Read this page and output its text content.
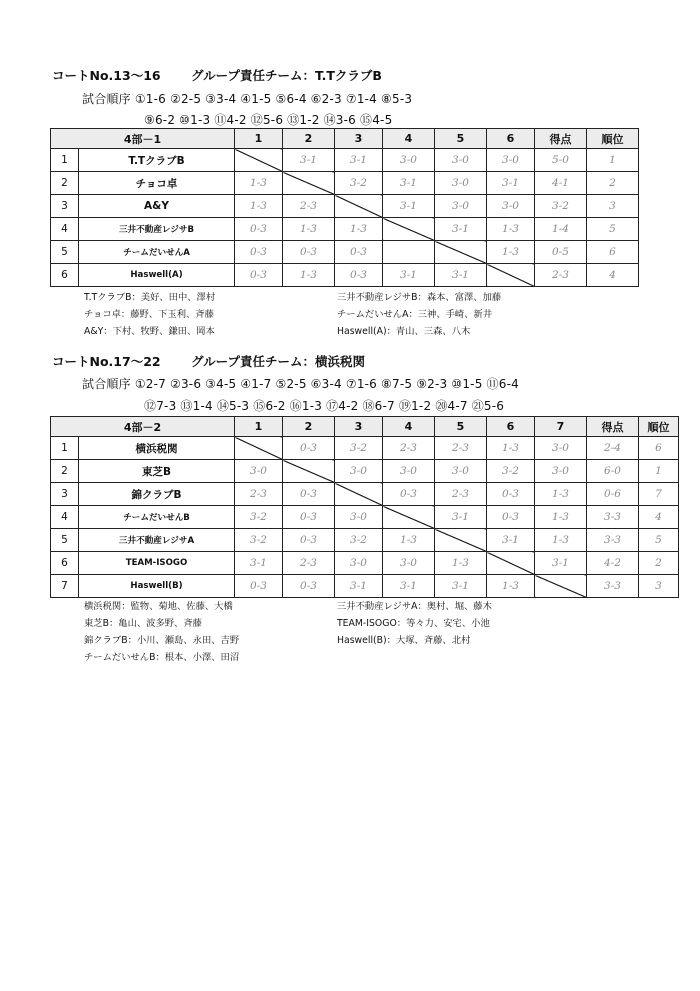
コートNo.13〜16 グループ責任チーム：T.TクラブB
試合順序 ①1-6 ②2-5 ③3-4 ④1-5 ⑤6-4 ⑥2-3 ⑦1-4 ⑧5-3
⑨6-2 ⑩1-3 ⑪4-2 ⑫5-6 ⑬1-2 ⑭3-6 ⑮4-5
4部－1		1	2	3	4	5	6	得点	順位
1	T.TクラブB		3-1	3-1	3-0	3-0	3-0	5-0	1
2	チョコ卓	1-3		3-2	3-1	3-0	3-1	4-1	2
3	A&Y	1-3	2-3		3-1	3-0	3-0	3-2	3
4	三井不動産レジサB	0-3	1-3	1-3		3-1	1-3	1-4	5
5	チームだいせんA	0-3	0-3	0-3			1-3	0-5	6
6	Haswell(A)	0-3	1-3	0-3	3-1	3-1		2-3	4
T.TクラブB：美好、田中、澤村
チョコ卓：藤野、下玉利、斉藤
A&Y：下村、牧野、鎌田、岡本
三井不動産レジサB：森本、富澤、加藤
チームだいせんA：三神、手崎、新井
Haswell(A)：青山、三森、八木
コートNo.17〜22 グループ責任チーム：横浜税関
試合順序 ①2-7 ②3-6 ③4-5 ④1-7 ⑤2-5 ⑥3-4 ⑦1-6 ⑧7-5 ⑨2-3 ⑩1-5 ⑪6-4
⑫7-3 ⑬1-4 ⑭5-3 ⑮6-2 ⑯1-3 ⑰4-2 ⑱6-7 ⑲1-2 ⑳4-7 ㉑5-6
4部－2		1	2	3	4	5	6	7	得点	順位
1	横浜税関		0-3	3-2	2-3	2-3	1-3	3-0	2-4	6
2	東芝B	3-0		3-0	3-0	3-0	3-2	3-0	6-0	1
3	錦クラブB	2-3	0-3		0-3	2-3	0-3	1-3	0-6	7
4	チームだいせんB	3-2	0-3	3-0		3-1	0-3	1-3	3-3	4
5	三井不動産レジサA	3-2	0-3	3-2	1-3		3-1	1-3	3-3	5
6	TEAM-ISOGO	3-1	2-3	3-0	3-0	1-3		3-1	4-2	2
7	Haswell(B)	0-3	0-3	3-1	3-1	3-1	1-3		3-3	3
横浜税関：監物、菊地、佐藤、大橋
東芝B：亀山、波多野、斉藤
錦クラブB：小川、瀬島、永田、吉野
チームだいせんB：根本、小澤、田沼
三井不動産レジサA：奥村、堀、藤木
TEAM-ISOGO：等々力、安宅、小池
Haswell(B)：大塚、斉藤、北村
